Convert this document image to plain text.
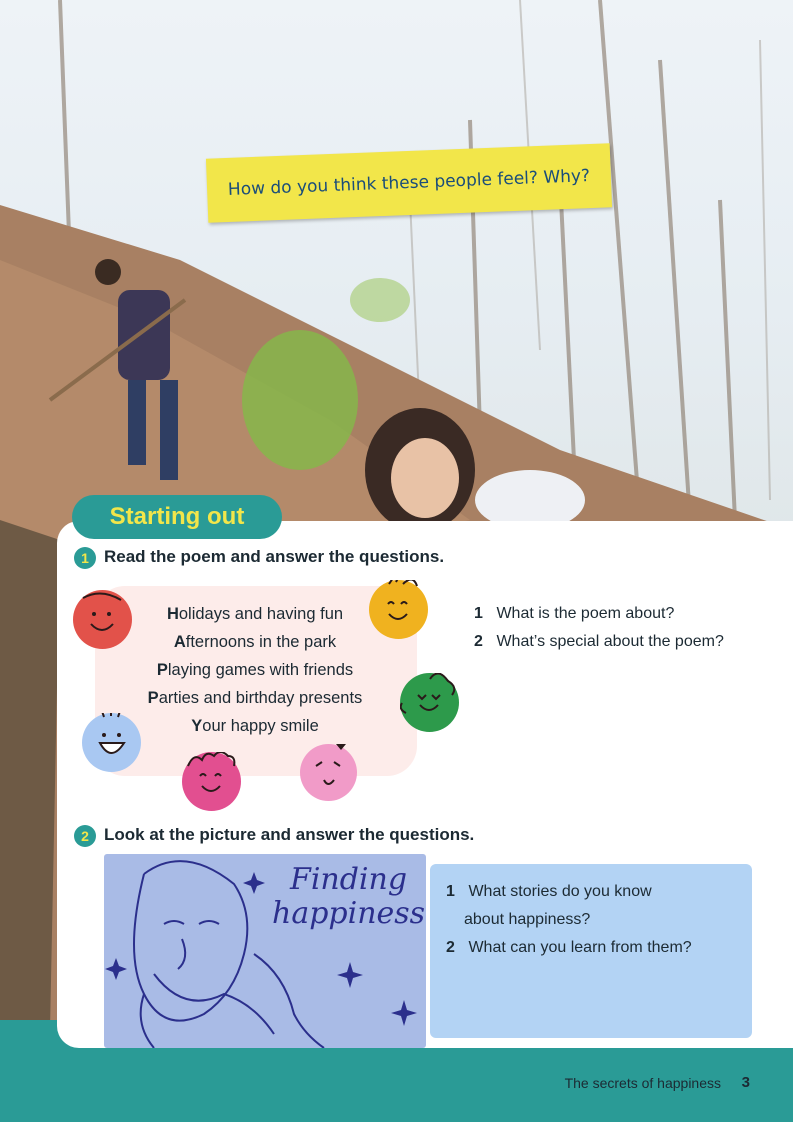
How do you think these people feel? Why?
The secrets of happiness 3
Starting out
1 Read the poem and answer the questions.
Holidays and having fun
Afternoons in the park
Playing games with friends
Parties and birthday presents
Your happy smile
1 What is the poem about?
2 What’s special about the poem?
2 Look at the picture and answer the questions.
Finding
happiness
1 What stories do you know
about happiness?
2 What can you learn from them?
